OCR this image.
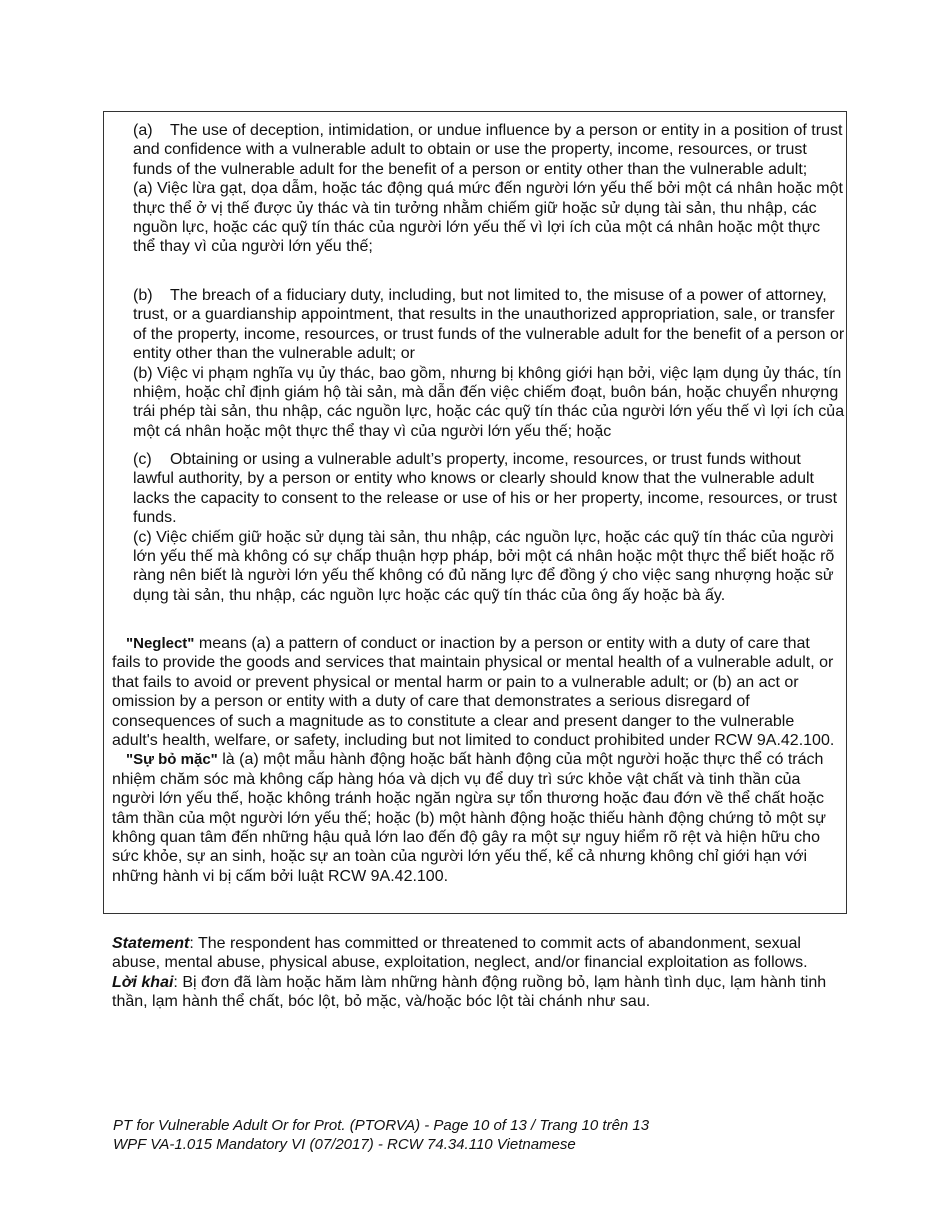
(a) The use of deception, intimidation, or undue influence by a person or entity in a position of trust and confidence with a vulnerable adult to obtain or use the property, income, resources, or trust funds of the vulnerable adult for the benefit of a person or entity other than the vulnerable adult;

(a) Việc lừa gạt, dọa dẫm, hoặc tác động quá mức đến người lớn yếu thế bởi một cá nhân hoặc một thực thể ở vị thế được ủy thác và tin tưởng nhằm chiếm giữ hoặc sử dụng tài sản, thu nhập, các nguồn lực, hoặc các quỹ tín thác của người lớn yếu thế vì lợi ích của một cá nhân hoặc một thực thể thay vì của người lớn yếu thế;

(b) The breach of a fiduciary duty, including, but not limited to, the misuse of a power of attorney, trust, or a guardianship appointment, that results in the unauthorized appropriation, sale, or transfer of the property, income, resources, or trust funds of the vulnerable adult for the benefit of a person or entity other than the vulnerable adult; or

(b) Việc vi phạm nghĩa vụ ủy thác, bao gồm, nhưng bị không giới hạn bởi, việc lạm dụng ủy thác, tín nhiệm, hoặc chỉ định giám hộ tài sản, mà dẫn đến việc chiếm đoạt, buôn bán, hoặc chuyển nhượng trái phép tài sản, thu nhập, các nguồn lực, hoặc các quỹ tín thác của người lớn yếu thế vì lợi ích của một cá nhân hoặc một thực thể thay vì của người lớn yếu thế; hoặc

(c) Obtaining or using a vulnerable adult’s property, income, resources, or trust funds without lawful authority, by a person or entity who knows or clearly should know that the vulnerable adult lacks the capacity to consent to the release or use of his or her property, income, resources, or trust funds.

(c) Việc chiếm giữ hoặc sử dụng tài sản, thu nhập, các nguồn lực, hoặc các quỹ tín thác của người lớn yếu thế mà không có sự chấp thuận hợp pháp, bởi một cá nhân hoặc một thực thể biết hoặc rõ ràng nên biết là người lớn yếu thế không có đủ năng lực để đồng ý cho việc sang nhượng hoặc sử dụng tài sản, thu nhập, các nguồn lực hoặc các quỹ tín thác của ông ấy hoặc bà ấy.

"Neglect" means (a) a pattern of conduct or inaction by a person or entity with a duty of care that fails to provide the goods and services that maintain physical or mental health of a vulnerable adult, or that fails to avoid or prevent physical or mental harm or pain to a vulnerable adult; or (b) an act or omission by a person or entity with a duty of care that demonstrates a serious disregard of consequences of such a magnitude as to constitute a clear and present danger to the vulnerable adult's health, welfare, or safety, including but not limited to conduct prohibited under RCW 9A.42.100.

"Sự bỏ mặc" là (a) một mẫu hành động hoặc bất hành động của một người hoặc thực thể có trách nhiệm chăm sóc mà không cấp hàng hóa và dịch vụ để duy trì sức khỏe vật chất và tinh thần của người lớn yếu thế, hoặc không tránh hoặc ngăn ngừa sự tổn thương hoặc đau đớn về thể chất hoặc tâm thần của một người lớn yếu thế; hoặc (b) một hành động hoặc thiếu hành động chứng tỏ một sự không quan tâm đến những hậu quả lớn lao đến độ gây ra một sự nguy hiểm rõ rệt và hiện hữu cho sức khỏe, sự an sinh, hoặc sự an toàn của người lớn yếu thế, kể cả nhưng không chỉ giới hạn với những hành vi bị cấm bởi luật RCW 9A.42.100.

Statement: The respondent has committed or threatened to commit acts of abandonment, sexual abuse, mental abuse, physical abuse, exploitation, neglect, and/or financial exploitation as follows.

Lời khai: Bị đơn đã làm hoặc hăm làm những hành động ruồng bỏ, lạm hành tình dục, lạm hành tinh thần, lạm hành thể chất, bóc lột, bỏ mặc, và/hoặc bóc lột tài chánh như sau.

PT for Vulnerable Adult Or for Prot. (PTORVA) - Page 10 of 13 / Trang 10 trên 13
WPF VA-1.015 Mandatory VI (07/2017) - RCW 74.34.110 Vietnamese
